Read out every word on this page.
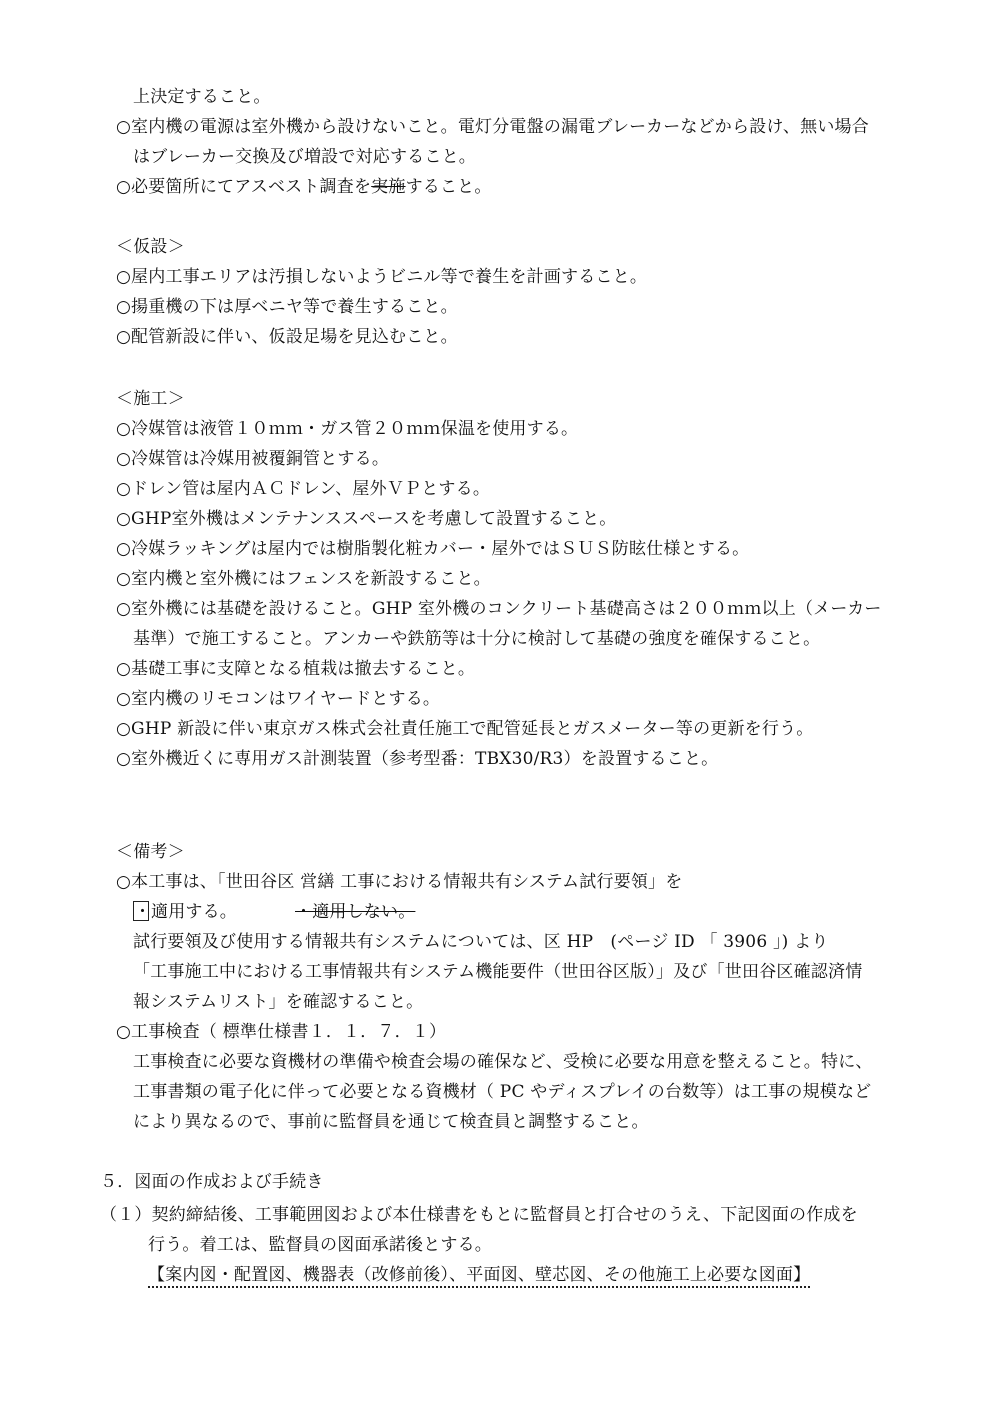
上決定すること。
○室内機の電源は室外機から設けないこと。電灯分電盤の漏電ブレーカーなどから設け、無い場合
はブレーカー交換及び増設で対応すること。
○必要箇所にてアスベスト調査を実施すること。
＜仮設＞
○屋内工事エリアは汚損しないようビニル等で養生を計画すること。
○揚重機の下は厚ベニヤ等で養生すること。
○配管新設に伴い、仮設足場を見込むこと。
＜施工＞
○冷媒管は液管１０ｍｍ・ガス管２０ｍｍ保温を使用する。
○冷媒管は冷媒用被覆銅管とする。
○ドレン管は屋内ＡＣドレン、屋外ＶＰとする。
○GHP室外機はメンテナンススペースを考慮して設置すること。
○冷媒ラッキングは屋内では樹脂製化粧カバー・屋外ではＳＵＳ防眩仕様とする。
○室内機と室外機にはフェンスを新設すること。
○室外機には基礎を設けること。GHP 室外機のコンクリート基礎高さは２００ｍｍ以上（メーカー
基準）で施工すること。アンカーや鉄筋等は十分に検討して基礎の強度を確保すること。
○基礎工事に支障となる植栽は撤去すること。
○室内機のリモコンはワイヤードとする。
○GHP 新設に伴い東京ガス株式会社責任施工で配管延長とガスメーター等の更新を行う。
○室外機近くに専用ガス計測装置（参考型番：TBX30/R3）を設置すること。
＜備考＞
○本工事は、「世田谷区 営繕 工事における情報共有システム試行要領」を
・適用する。	・適用しない。
試行要領及び使用する情報共有システムについては、区 HP　(ページ ID 「 3906 」) より
「工事施工中における工事情報共有システム機能要件（世田谷区版）」及び「世田谷区確認済情
報システムリスト」を確認すること。
○工事検査（ 標準仕様書１．１．７．１）
工事検査に必要な資機材の準備や検査会場の確保など、受検に必要な用意を整えること。特に、
工事書類の電子化に伴って必要となる資機材（ PC やディスプレイの台数等）は工事の規模など
により異なるので、事前に監督員を通じて検査員と調整すること。
５．図面の作成および手続き
（１）契約締結後、工事範囲図および本仕様書をもとに監督員と打合せのうえ、下記図面の作成を
行う。着工は、監督員の図面承諾後とする。
【案内図・配置図、機器表（改修前後）、平面図、壁芯図、その他施工上必要な図面】
